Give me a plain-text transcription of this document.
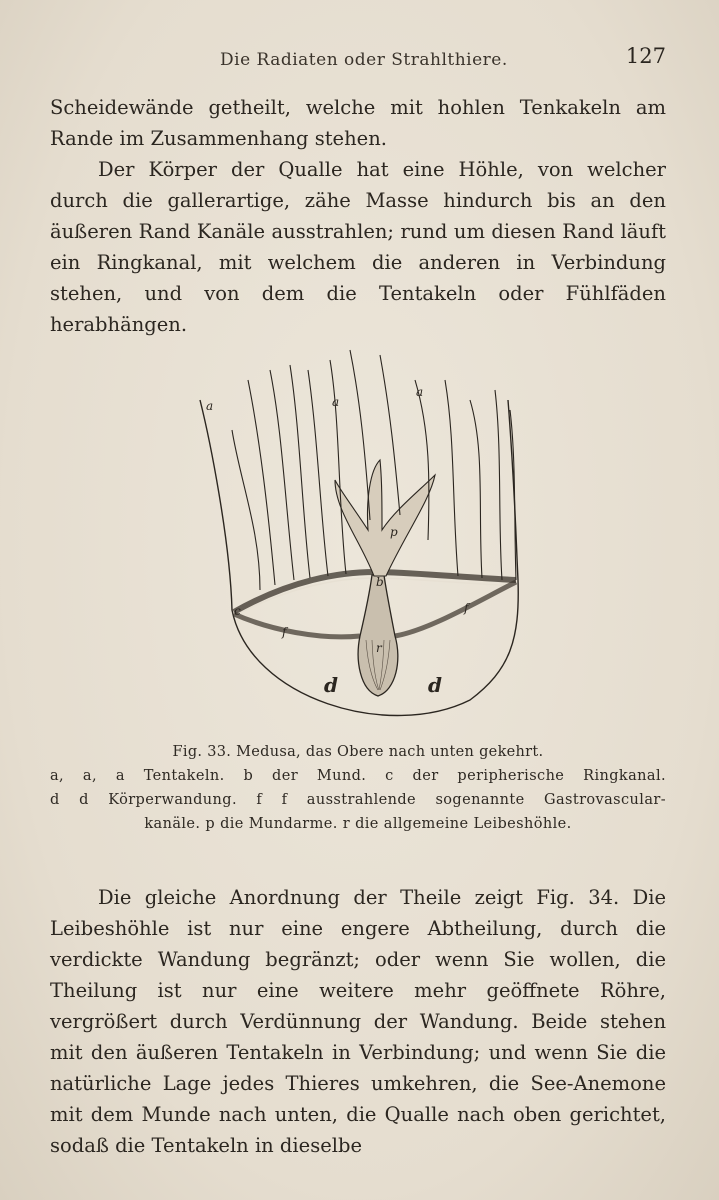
Die Radiaten oder Strahlthiere.	127

Scheidewände getheilt, welche mit hohlen Tenkakeln am Rande im Zusammenhang stehen.

Der Körper der Qualle hat eine Höhle, von welcher durch die gallerartige, zähe Masse hindurch bis an den äußeren Rand Kanäle ausstrahlen; rund um diesen Rand läuft ein Ringkanal, mit welchem die anderen in Verbindung stehen, und von dem die Tentakeln oder Fühlfäden herabhängen.

a	a
a
p
b
c
f
f
r
d	d
Fig. 33. Medusa, das Obere nach unten gekehrt.
a, a, a Tentakeln. b der Mund. c der peripherische Ringkanal.
d d Körperwandung. f f ausstrahlende sogenannte Gastrovascular-
kanäle. p die Mundarme. r die allgemeine Leibeshöhle.

Die gleiche Anordnung der Theile zeigt Fig. 34. Die Leibeshöhle ist nur eine engere Abtheilung, durch die verdickte Wandung begränzt; oder wenn Sie wollen, die Theilung ist nur eine weitere mehr geöffnete Röhre, vergrößert durch Verdünnung der Wandung. Beide stehen mit den äußeren Tentakeln in Verbindung; und wenn Sie die natürliche Lage jedes Thieres umkehren, die See-Anemone mit dem Munde nach unten, die Qualle nach oben gerichtet, sodaß die Tentakeln in dieselbe
